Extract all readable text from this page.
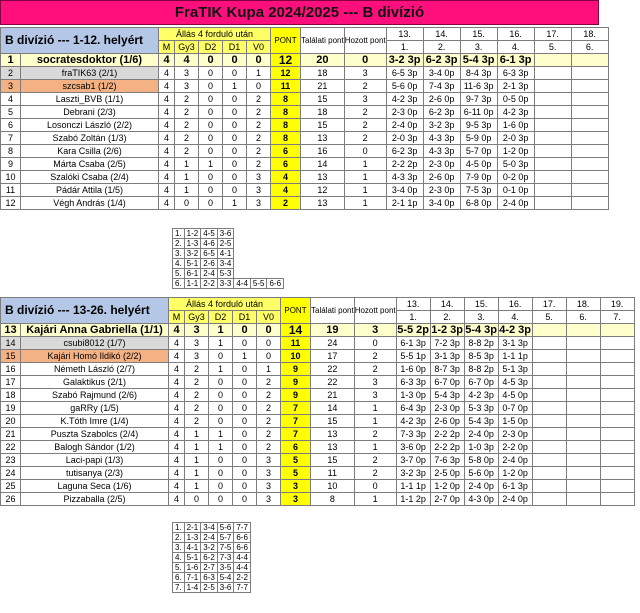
FraTIK Kupa 2024/2025 --- B divízió
B divízió --- 1-12. helyért		Állás 4 forduló után					PONT	Találati pont	Hozott pont	13.	14.	15.	16.	17.	18.
		M	Gy3	D2	D1	V0				1.	2.	3.	4.	5.	6.
1	socratesdoktor (1/6)	4	4	0	0	0	12	20	0	3-2 3p	6-2 3p	5-4 3p	6-1 3p		
2	fraTIK63 (2/1)	4	3	0	0	1	12	18	3	6-5 3p	3-4 0p	8-4 3p	6-3 3p		
3	szcsab1 (1/2)	4	3	0	1	0	11	21	2	5-6 0p	7-4 3p	11-6 3p	2-1 3p		
4	Laszti_BVB (1/1)	4	2	0	0	2	8	15	3	4-2 3p	2-6 0p	9-7 3p	0-5 0p		
5	Debrani (2/3)	4	2	0	0	2	8	18	2	2-3 0p	6-2 3p	6-11 0p	4-2 3p		
6	Losonczi László (2/2)	4	2	0	0	2	8	15	2	2-4 0p	3-2 3p	9-5 3p	1-6 0p		
7	Szabó Zoltán (1/3)	4	2	0	0	2	8	13	2	2-0 3p	4-3 3p	5-9 0p	2-0 3p		
8	Kara Csilla (2/6)	4	2	0	0	2	6	16	0	6-2 3p	4-3 3p	5-7 0p	1-2 0p		
9	Márta Csaba (2/5)	4	1	1	0	2	6	14	1	2-2 2p	2-3 0p	4-5 0p	5-0 3p		
10	Szalóki Csaba (2/4)	4	1	0	0	3	4	13	1	4-3 3p	2-6 0p	7-9 0p	0-2 0p		
11	Pádár Attila (1/5)	4	1	0	0	3	4	12	1	3-4 0p	2-3 0p	7-5 3p	0-1 0p		
12	Végh András (1/4)	4	0	0	1	3	2	13	1	2-1 1p	3-4 0p	6-8 0p	2-4 0p		
1.	1-2	4-5	3-6			
2.	1-3	4-6	2-5			
3.	3-2	6-5	4-1			
4.	5-1	2-6	3-4			
5.	6-1	2-4	5-3			
6.	1-1	2-2	3-3	4-4	5-5	6-6
B divízió --- 13-26. helyért		Állás 4 forduló után					PONT	Találati pont	Hozott pont	13.	14.	15.	16.	17.	18.	19.
		M	Gy3	D2	D1	V0				1.	2.	3.	4.	5.	6.	7.
13	Kajári Anna Gabriella (1/1)	4	3	1	0	0	14	19	3	5-5 2p	1-2 3p	5-4 3p	4-2 3p			
14	csubi8012 (1/7)	4	3	1	0	0	11	24	0	6-1 3p	7-2 3p	8-8 2p	3-1 3p			
15	Kajári Homó Ildikó (2/2)	4	3	0	1	0	10	17	2	5-5 1p	3-1 3p	8-5 3p	1-1 1p			
16	Németh László (2/7)	4	2	1	0	1	9	22	2	1-6 0p	8-7 3p	8-8 2p	5-1 3p			
17	Galaktikus (2/1)	4	2	0	0	2	9	22	3	6-3 3p	6-7 0p	6-7 0p	4-5 3p			
18	Szabó Rajmund (2/6)	4	2	0	0	2	9	21	3	1-3 0p	5-4 3p	4-2 3p	4-5 0p			
19	gaRRy (1/5)	4	2	0	0	2	7	14	1	6-4 3p	2-3 0p	5-3 3p	0-7 0p			
20	K.Tóth Imre (1/4)	4	2	0	0	2	7	15	1	4-2 3p	2-6 0p	5-4 3p	1-5 0p			
21	Puszta Szabolcs (2/4)	4	1	1	0	2	7	13	2	7-3 3p	2-2 2p	2-4 0p	2-3 0p			
22	Balogh Sándor (1/2)	4	1	1	0	2	6	13	1	3-6 0p	2-2 2p	1-0 3p	2-2 0p			
23	Laci-papi (1/3)	4	1	0	0	3	5	15	2	3-7 0p	7-6 3p	5-8 0p	2-4 0p			
24	tutisanya (2/3)	4	1	0	0	3	5	11	2	3-2 3p	2-5 0p	5-6 0p	1-2 0p			
25	Laguna Seca (1/6)	4	1	0	0	3	3	10	0	1-1 1p	1-2 0p	2-4 0p	6-1 3p			
26	Pizzaballa (2/5)	4	0	0	0	3	3	8	1	1-1 2p	2-7 0p	4-3 0p	2-4 0p			
1.	2-1	3-4	5-6	7-7
2.	1-3	2-4	5-7	6-6
3.	4-1	3-2	7-5	6-6
4.	5-1	6-2	7-3	4-4
5.	1-6	2-7	3-5	4-4
6.	7-1	6-3	5-4	2-2
7.	1-4	2-5	3-6	7-7
